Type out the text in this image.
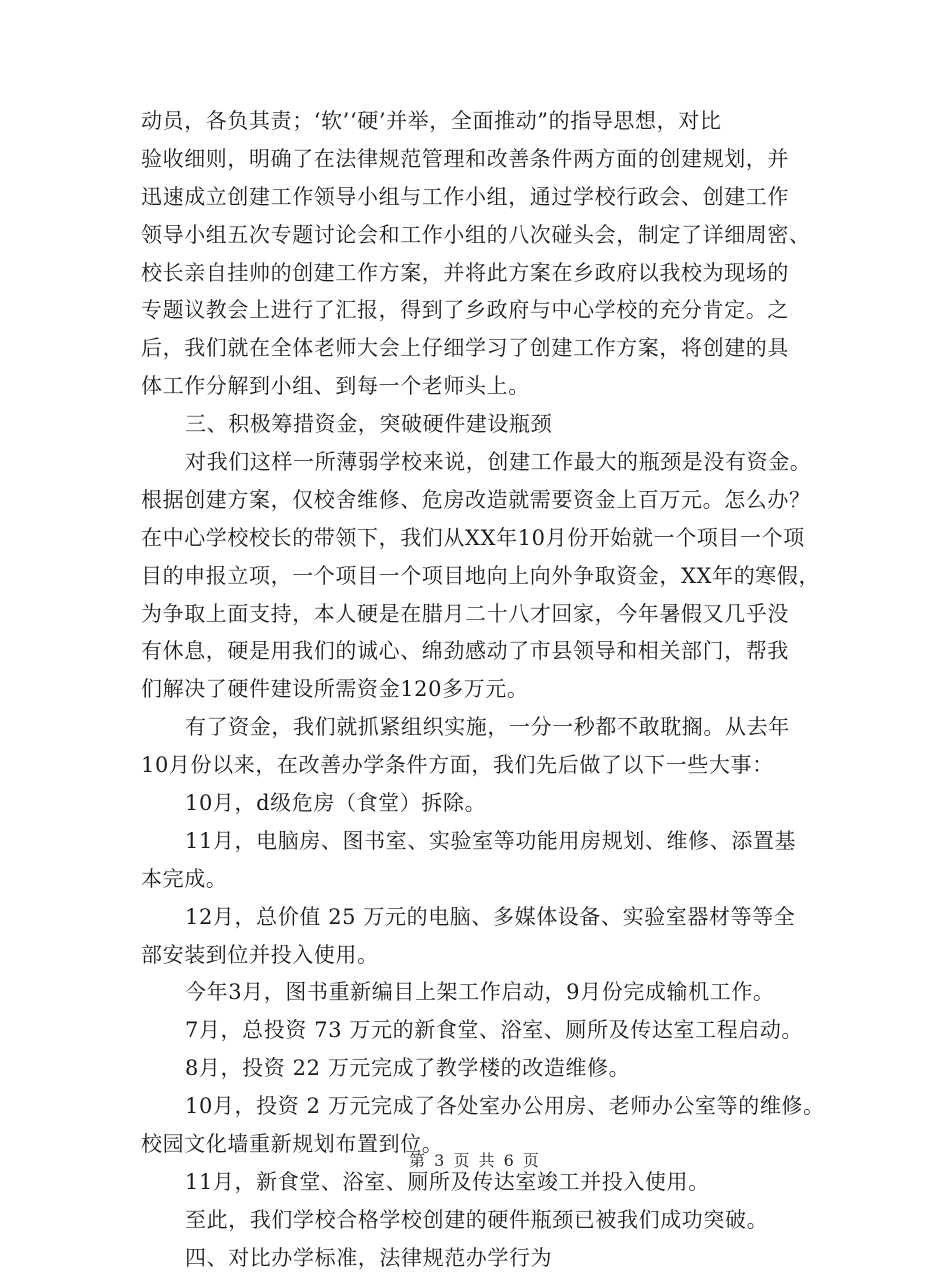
动员，各负其责；‘软’‘硬’并举，全面推动”的指导思想，对比
验收细则，明确了在法律规范管理和改善条件两方面的创建规划，并
迅速成立创建工作领导小组与工作小组，通过学校行政会、创建工作
领导小组五次专题讨论会和工作小组的八次碰头会，制定了详细周密、
校长亲自挂帅的创建工作方案，并将此方案在乡政府以我校为现场的
专题议教会上进行了汇报，得到了乡政府与中心学校的充分肯定。之
后，我们就在全体老师大会上仔细学习了创建工作方案，将创建的具
体工作分解到小组、到每一个老师头上。
三、积极筹措资金，突破硬件建设瓶颈
对我们这样一所薄弱学校来说，创建工作最大的瓶颈是没有资金。
根据创建方案，仅校舍维修、危房改造就需要资金上百万元。怎么办？
在中心学校校长的带领下，我们从XX年10月份开始就一个项目一个项
目的申报立项，一个项目一个项目地向上向外争取资金，XX年的寒假，
为争取上面支持，本人硬是在腊月二十八才回家，今年暑假又几乎没
有休息，硬是用我们的诚心、绵劲感动了市县领导和相关部门，帮我
们解决了硬件建设所需资金120多万元。
有了资金，我们就抓紧组织实施，一分一秒都不敢耽搁。从去年
10月份以来，在改善办学条件方面，我们先后做了以下一些大事：
10月，d级危房（食堂）拆除。
11月，电脑房、图书室、实验室等功能用房规划、维修、添置基
本完成。
12月，总价值 25 万元的电脑、多媒体设备、实验室器材等等全
部安装到位并投入使用。
今年3月，图书重新编目上架工作启动，9月份完成输机工作。
7月，总投资 73 万元的新食堂、浴室、厕所及传达室工程启动。
8月，投资 22 万元完成了教学楼的改造维修。
10月，投资 2 万元完成了各处室办公用房、老师办公室等的维修。
校园文化墙重新规划布置到位。
11月，新食堂、浴室、厕所及传达室竣工并投入使用。
至此，我们学校合格学校创建的硬件瓶颈已被我们成功突破。
四、对比办学标准，法律规范办学行为
第 3 页 共 6 页
